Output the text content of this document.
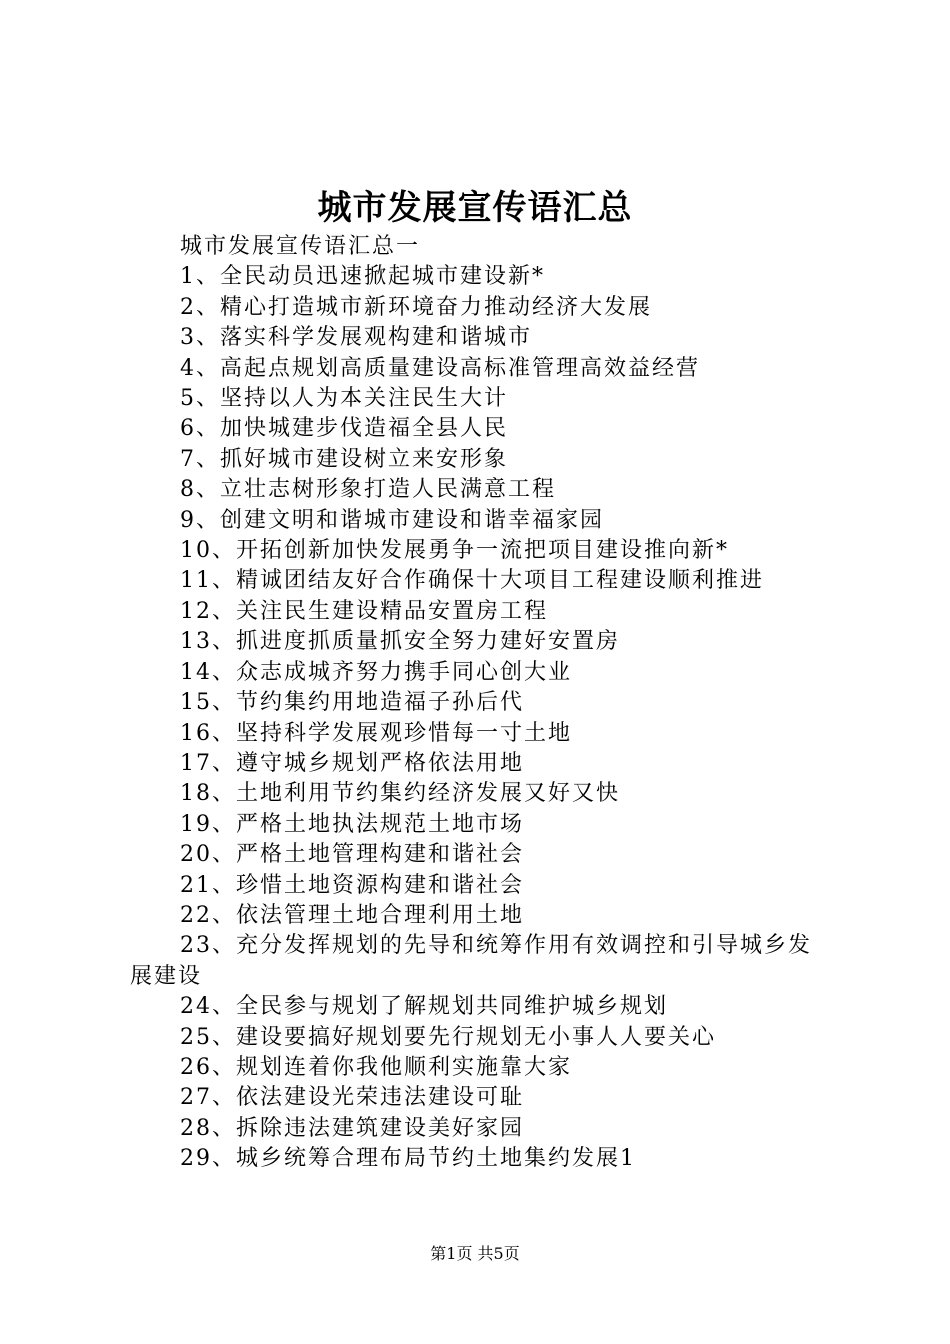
城市发展宣传语汇总

城市发展宣传语汇总一

1、全民动员迅速掀起城市建设新*

2、精心打造城市新环境奋力推动经济大发展

3、落实科学发展观构建和谐城市

4、高起点规划高质量建设高标准管理高效益经营

5、坚持以人为本关注民生大计

6、加快城建步伐造福全县人民

7、抓好城市建设树立来安形象

8、立壮志树形象打造人民满意工程

9、创建文明和谐城市建设和谐幸福家园

10、开拓创新加快发展勇争一流把项目建设推向新*

11、精诚团结友好合作确保十大项目工程建设顺利推进

12、关注民生建设精品安置房工程

13、抓进度抓质量抓安全努力建好安置房

14、众志成城齐努力携手同心创大业

15、节约集约用地造福子孙后代

16、坚持科学发展观珍惜每一寸土地

17、遵守城乡规划严格依法用地

18、土地利用节约集约经济发展又好又快

19、严格土地执法规范土地市场

20、严格土地管理构建和谐社会

21、珍惜土地资源构建和谐社会

22、依法管理土地合理利用土地

23、充分发挥规划的先导和统筹作用有效调控和引导城乡发展建设

24、全民参与规划了解规划共同维护城乡规划

25、建设要搞好规划要先行规划无小事人人要关心

26、规划连着你我他顺利实施靠大家

27、依法建设光荣违法建设可耻

28、拆除违法建筑建设美好家园

29、城乡统筹合理布局节约土地集约发展1

第1页 共5页
